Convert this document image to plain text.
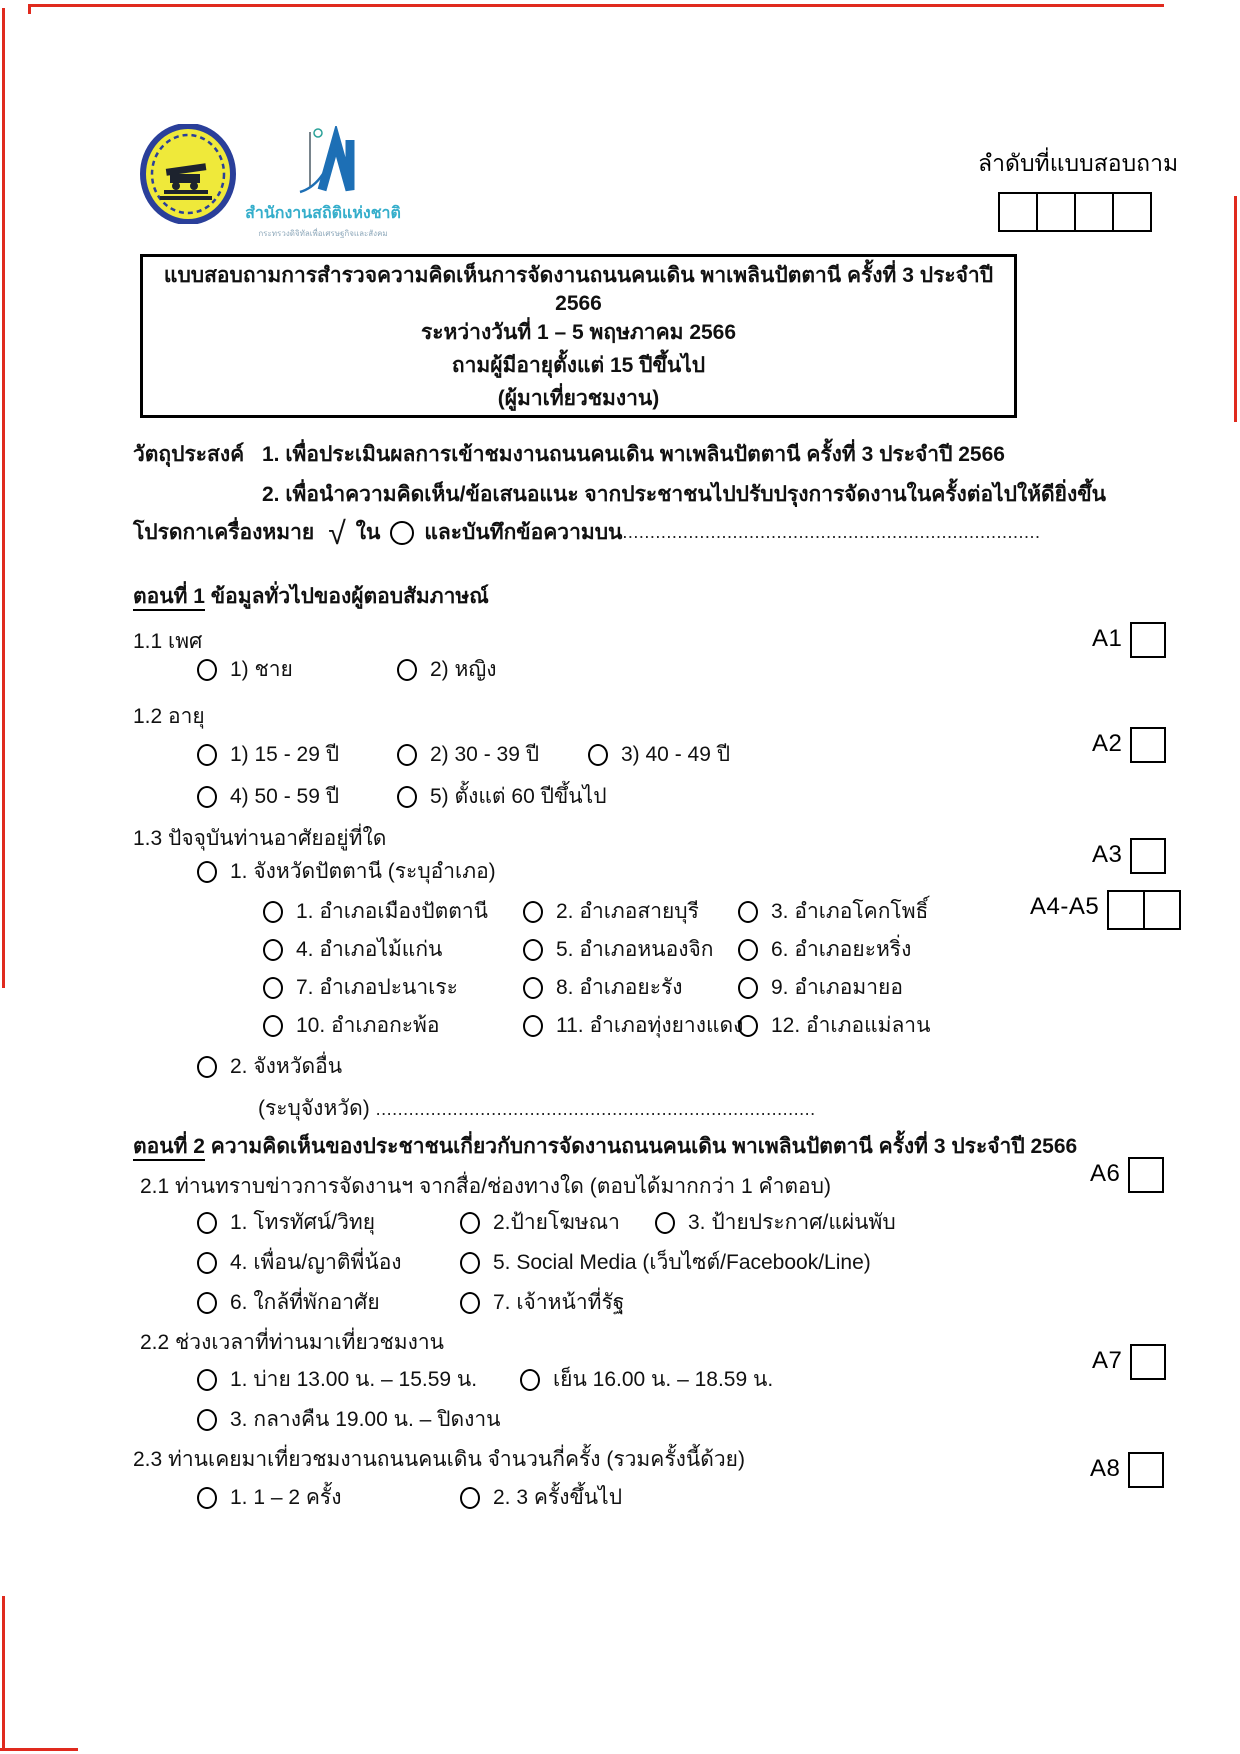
สำนักงานสถิติแห่งชาติ
กระทรวงดิจิทัลเพื่อเศรษฐกิจและสังคม
ลำดับที่แบบสอบถาม
แบบสอบถามการสำรวจความคิดเห็นการจัดงานถนนคนเดิน พาเพลินปัตตานี ครั้งที่ 3 ประจำปี 2566
ระหว่างวันที่ 1 – 5 พฤษภาคม 2566
ถามผู้มีอายุตั้งแต่ 15 ปีขึ้นไป
(ผู้มาเที่ยวชมงาน)
วัตถุประสงค์ 1. เพื่อประเมินผลการเข้าชมงานถนนคนเดิน พาเพลินปัตตานี ครั้งที่ 3 ประจำปี 2566
2. เพื่อนำความคิดเห็น/ข้อเสนอแนะ จากประชาชนไปปรับปรุงการจัดงานในครั้งต่อไปให้ดียิ่งขึ้น
โปรดกาเครื่องหมาย √ ใน ○ และบันทึกข้อความบน ............................................................................
ตอนที่ 1 ข้อมูลทั่วไปของผู้ตอบสัมภาษณ์
1.1 เพศ
1) ชาย	2) หญิง
1.2 อายุ
1) 15 - 29 ปี	2) 30 - 39 ปี	3) 40 - 49 ปี
4) 50 - 59 ปี	5) ตั้งแต่ 60 ปีขึ้นไป
1.3 ปัจจุบันท่านอาศัยอยู่ที่ใด
1. จังหวัดปัตตานี (ระบุอำเภอ)
1. อำเภอเมืองปัตตานี	2. อำเภอสายบุรี	3. อำเภอโคกโพธิ์
4. อำเภอไม้แก่น	5. อำเภอหนองจิก	6. อำเภอยะหริ่ง
7. อำเภอปะนาเระ	8. อำเภอยะรัง	9. อำเภอมายอ
10. อำเภอกะพ้อ	11. อำเภอทุ่งยางแดง 12. อำเภอแม่ลาน
2. จังหวัดอื่น
(ระบุจังหวัด) ................................................................................
ตอนที่ 2 ความคิดเห็นของประชาชนเกี่ยวกับการจัดงานถนนคนเดิน พาเพลินปัตตานี ครั้งที่ 3 ประจำปี 2566
2.1 ท่านทราบข่าวการจัดงานฯ จากสื่อ/ช่องทางใด (ตอบได้มากกว่า 1 คำตอบ)
1. โทรทัศน์/วิทยุ	2.ป้ายโฆษณา	3. ป้ายประกาศ/แผ่นพับ
4. เพื่อน/ญาติพี่น้อง	5. Social Media (เว็บไซต์/Facebook/Line)
6. ใกล้ที่พักอาศัย	7. เจ้าหน้าที่รัฐ
2.2 ช่วงเวลาที่ท่านมาเที่ยวชมงาน
1. บ่าย 13.00 น. – 15.59 น.	เย็น 16.00 น. – 18.59 น.
3. กลางคืน 19.00 น. – ปิดงาน
2.3 ท่านเคยมาเที่ยวชมงานถนนคนเดิน จำนวนกี่ครั้ง (รวมครั้งนี้ด้วย)
1. 1 – 2 ครั้ง	2. 3 ครั้งขึ้นไป
A1
A2
A3
A4-A5
A6
A7
A8
